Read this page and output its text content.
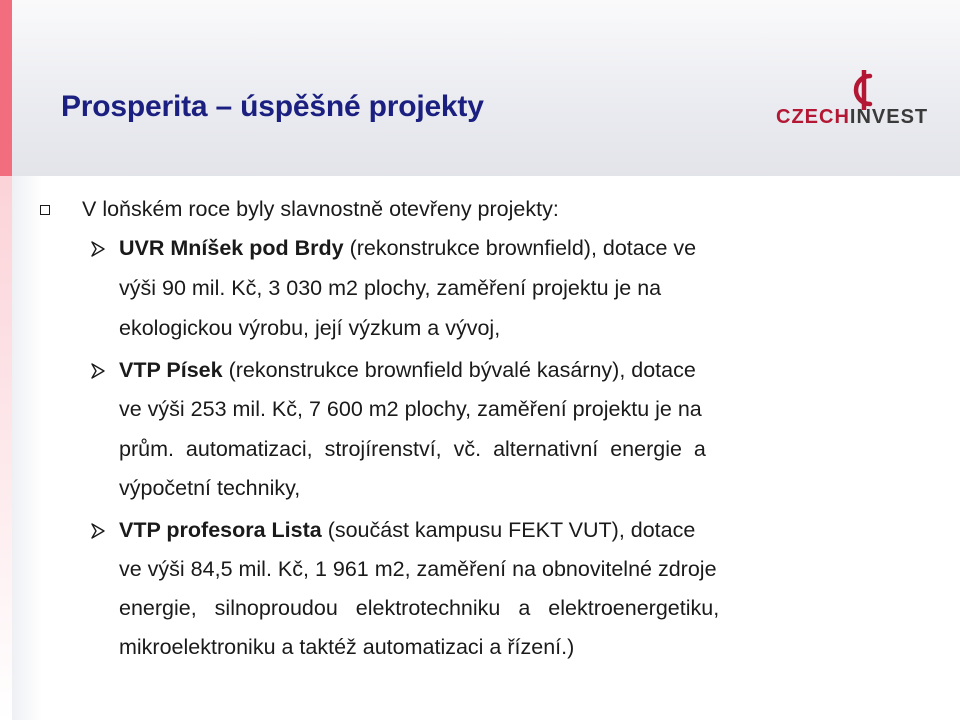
Prosperita – úspěšné projekty	CZECHINVEST
V loňském roce byly slavnostně otevřeny projekty:
UVR Mníšek pod Brdy (rekonstrukce brownfield), dotace ve
výši 90 mil. Kč, 3 030 m2 plochy, zaměření projektu je na
ekologickou výrobu, její výzkum a vývoj,
VTP Písek (rekonstrukce brownfield bývalé kasárny), dotace
ve výši 253 mil. Kč, 7 600 m2 plochy, zaměření projektu je na
prům. automatizaci, strojírenství, vč. alternativní energie a
výpočetní techniky,
VTP profesora Lista (součást kampusu FEKT VUT), dotace
ve výši 84,5 mil. Kč, 1 961 m2, zaměření na obnovitelné zdroje
energie, silnoproudou elektrotechniku a elektroenergetiku,
mikroelektroniku a taktéž automatizaci a řízení.)
